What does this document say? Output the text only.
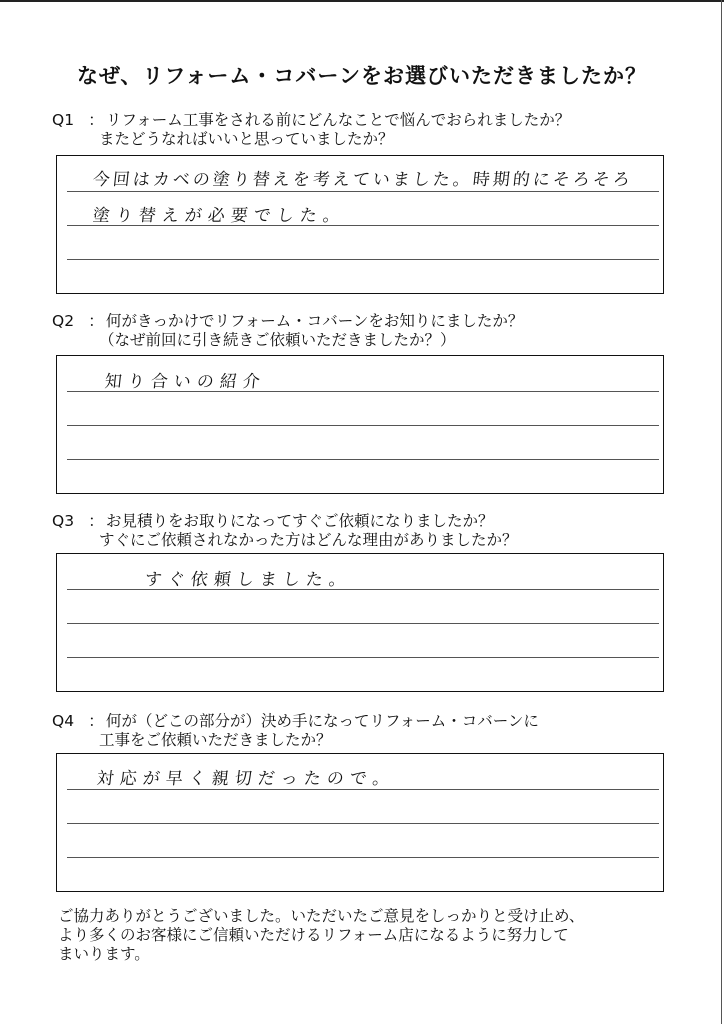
なぜ、リフォーム・コバーンをお選びいただきましたか？
Q1 ： リフォーム工事をされる前にどんなことで悩んでおられましたか？
またどうなればいいと思っていましたか？
今回はカベの塗り替えを考えていました。時期的にそろそろ
塗り替えが必要でした。
Q2 ： 何がきっかけでリフォーム・コバーンをお知りにましたか？
（なぜ前回に引き続きご依頼いただきましたか？）
知り合いの紹介
Q3 ： お見積りをお取りになってすぐご依頼になりましたか？
すぐにご依頼されなかった方はどんな理由がありましたか？
すぐ依頼しました。
Q4 ： 何が（どこの部分が）決め手になってリフォーム・コバーンに
工事をご依頼いただきましたか？
対応が早く親切だったので。
ご協力ありがとうございました。いただいたご意見をしっかりと受け止め、
より多くのお客様にご信頼いただけるリフォーム店になるように努力して
まいります。
